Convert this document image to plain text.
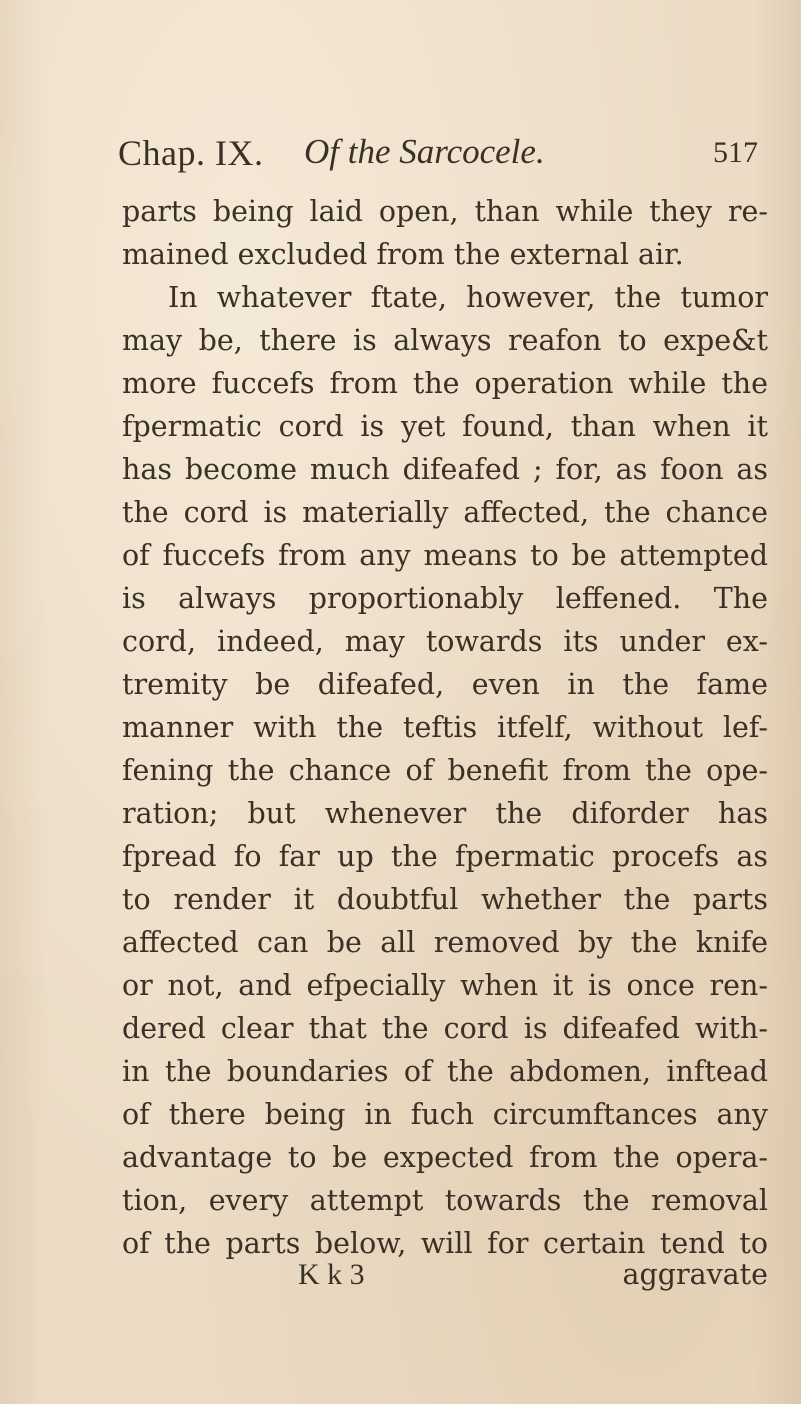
Chap. IX. Of the Sarcocele.	517
parts being laid open, than while they re-
mained excluded from the external air.
In whatever ftate, however, the tumor
may be, there is always reafon to expe&t
more fuccefs from the operation while the
fpermatic cord is yet found, than when it
has become much difeafed ; for, as foon as
the cord is materially affected, the chance
of fuccefs from any means to be attempted
is always proportionably leffened. The
cord, indeed, may towards its under ex-
tremity be difeafed, even in the fame
manner with the teftis itfelf, without lef-
fening the chance of benefit from the ope-
ration; but whenever the diforder has
fpread fo far up the fpermatic procefs as
to render it doubtful whether the parts
affected can be all removed by the knife
or not, and efpecially when it is once ren-
dered clear that the cord is difeafed with-
in the boundaries of the abdomen, inftead
of there being in fuch circumftances any
advantage to be expected from the opera-
tion, every attempt towards the removal
of the parts below, will for certain tend to
K k 3	aggravate
